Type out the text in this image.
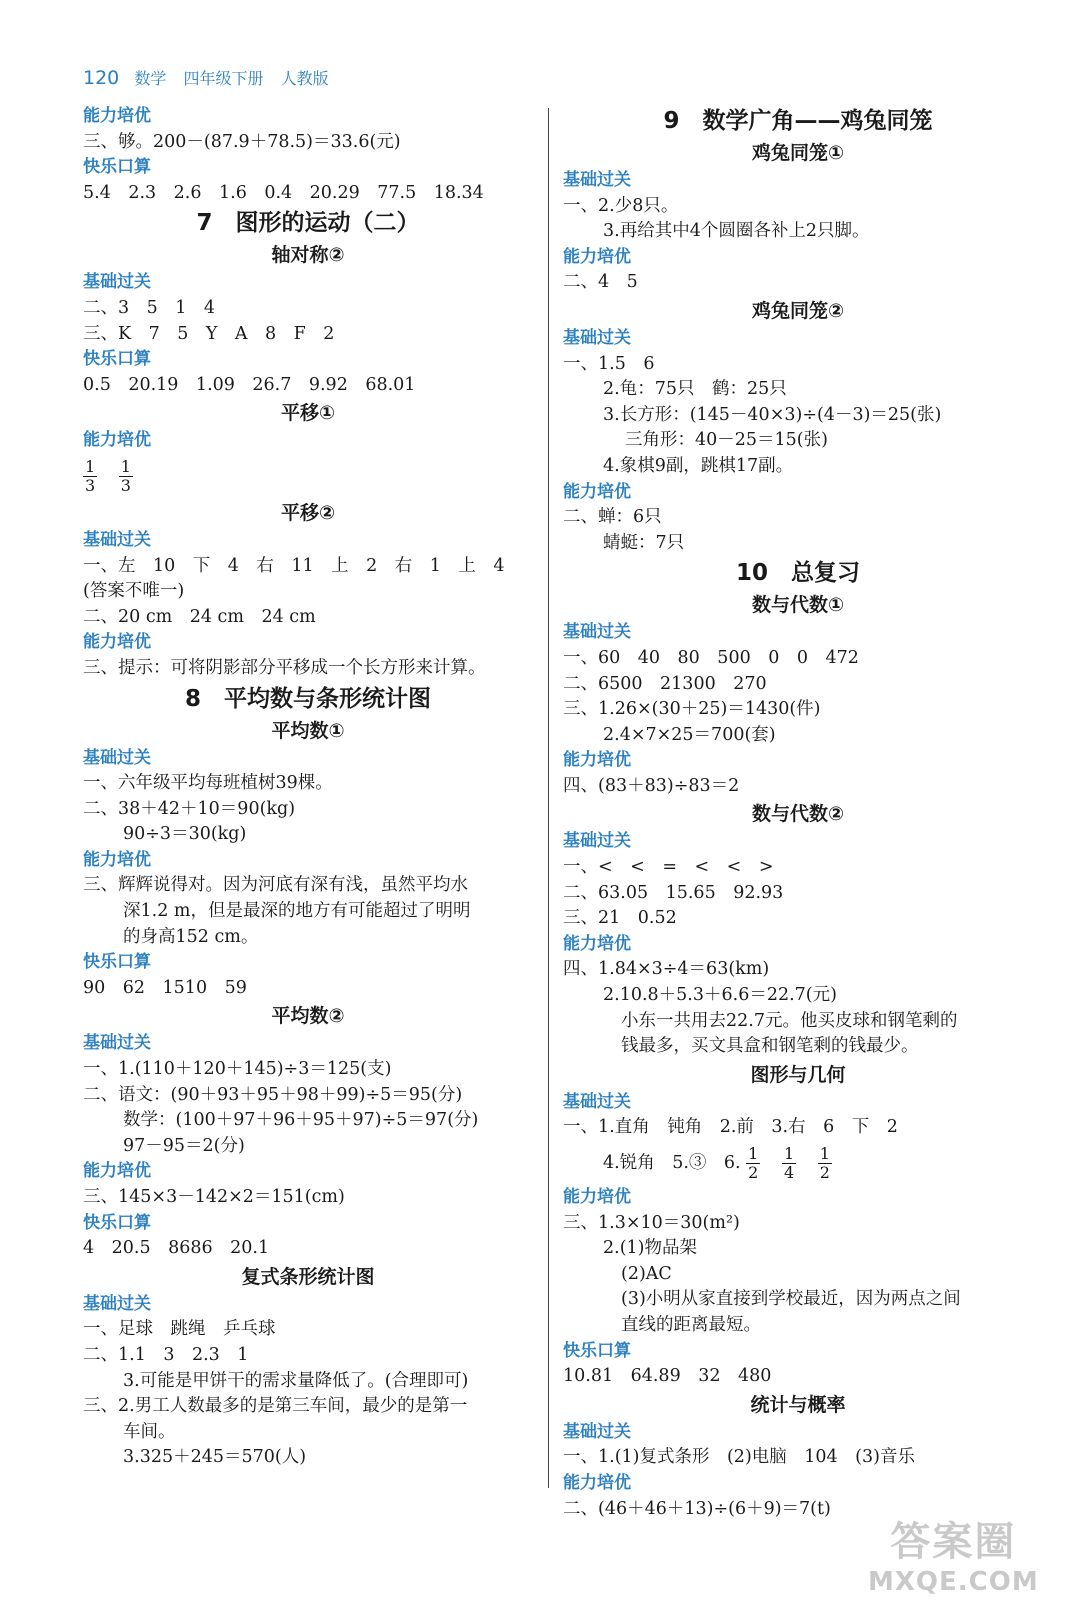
120 数学 四年级下册 人教版
能力培优
三、够。200－(87.9＋78.5)＝33.6(元)
快乐口算
5.4　2.3　2.6　1.6　0.4　20.29　77.5　18.34
7　图形的运动（二）
轴对称②
基础过关
二、3　5　1　4
三、K　7　5　Y　A　8　F　2
快乐口算
0.5　20.19　1.09　26.7　9.92　68.01
平移①
能力培优
$\frac{1}{3}$
$\frac{1}{3}$
平移②
基础过关
一、左　10　下　4　右　11　上　2　右　1　上　4
(答案不唯一)
二、20 cm　24 cm　24 cm
能力培优
三、提示：可将阴影部分平移成一个长方形来计算。
8　平均数与条形统计图
平均数①
基础过关
一、六年级平均每班植树39棵。
二、38＋42＋10＝90(kg)
90÷3＝30(kg)
能力培优
三、辉辉说得对。因为河底有深有浅，虽然平均水
深1.2 m，但是最深的地方有可能超过了明明
的身高152 cm。
快乐口算
90　62　1510　59
平均数②
基础过关
一、1.(110＋120＋145)÷3＝125(支)
二、语文：(90＋93＋95＋98＋99)÷5＝95(分)
数学：(100＋97＋96＋95＋97)÷5＝97(分)
97－95＝2(分)
能力培优
三、145×3－142×2＝151(cm)
快乐口算
4　20.5　8686　20.1
复式条形统计图
基础过关
一、足球　跳绳　乒乓球
二、1.1　3　2.3　1
3.可能是甲饼干的需求量降低了。(合理即可)
三、2.男工人数最多的是第三车间，最少的是第一
车间。
3.325＋245＝570(人)
9　数学广角——鸡兔同笼
鸡兔同笼①
基础过关
一、2.少8只。
3.再给其中4个圆圈各补上2只脚。
能力培优
二、4　5
鸡兔同笼②
基础过关
一、1.5　6
2.龟：75只　鹤：25只
3.长方形：(145－40×3)÷(4－3)＝25(张)
三角形：40－25＝15(张)
4.象棋9副，跳棋17副。
能力培优
二、蝉：6只
蜻蜓：7只
10　总复习
数与代数①
基础过关
一、60　40　80　500　0　0　472
二、6500　21300　270
三、1.26×(30＋25)＝1430(件)
2.4×7×25＝700(套)
能力培优
四、(83＋83)÷83＝2
数与代数②
基础过关
一、<　<　=　<　<　>
二、63.05　15.65　92.93
三、21　0.52
能力培优
四、1.84×3÷4＝63(km)
2.10.8＋5.3＋6.6＝22.7(元)
小东一共用去22.7元。他买皮球和钢笔剩的
钱最多，买文具盒和钢笔剩的钱最少。
图形与几何
基础过关
一、1.直角　钝角　2.前　3.右　6　下　2
4.锐角　5.③　6. $\frac{1}{2}$
$\frac{1}{4}$
$\frac{1}{2}$
能力培优
三、1.3×10＝30(m²)
2.(1)物品架
(2)AC
(3)小明从家直接到学校最近，因为两点之间
直线的距离最短。
快乐口算
10.81　64.89　32　480
统计与概率
基础过关
一、1.(1)复式条形　(2)电脑　104　(3)音乐
能力培优
二、(46＋46＋13)÷(6＋9)＝7(t)
答案圈
MXQE.COM
